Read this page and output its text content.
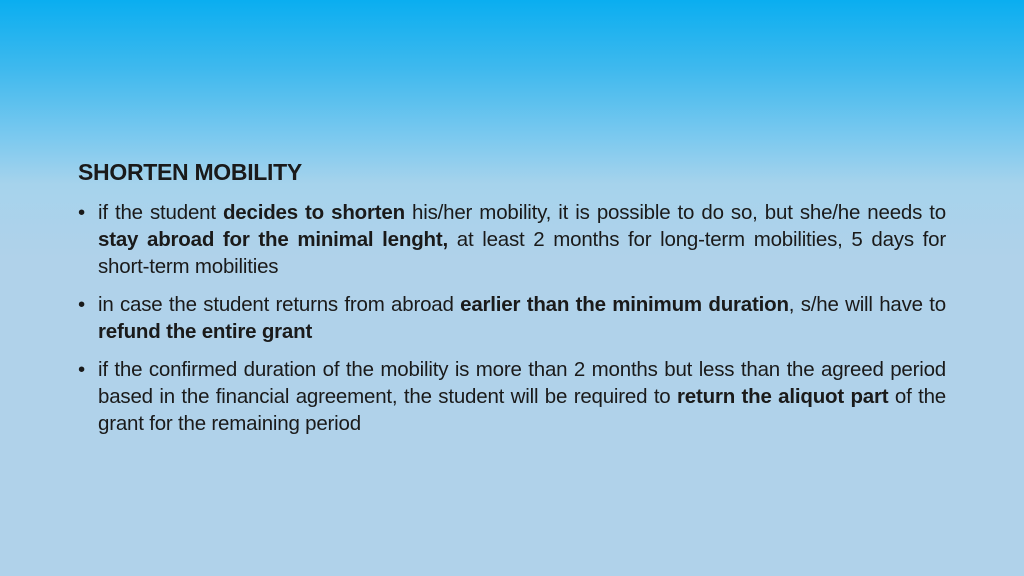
SHORTEN MOBILITY
• if the student decides to shorten his/her mobility, it is possible to do so, but she/he needs to stay abroad for the minimal lenght, at least 2 months for long-term mobilities, 5 days for short-term mobilities
• in case the student returns from abroad earlier than the minimum duration, s/he will have to refund the entire grant
• if the confirmed duration of the mobility is more than 2 months but less than the agreed period based in the financial agreement, the student will be required to return the aliquot part of the grant for the remaining period
